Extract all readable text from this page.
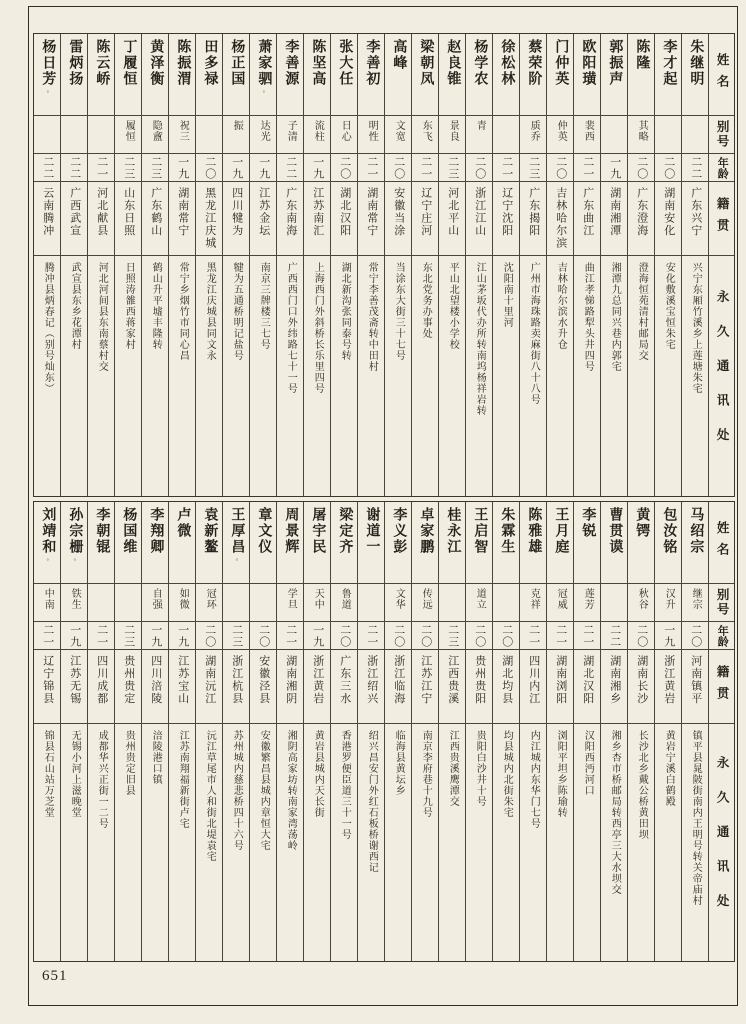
姓名
别号
年龄
籍贯
永久通讯处
朱继明
二二
广东兴宁
兴宁东厢竹溪乡上莲塘朱宅
李才起
二〇
湖南安化
安化敷溪宝恒朱宅
陈隆
其略
二〇
广东澄海
澄海恒苑清村邮局交
郭振声
一九
湖南湘潭
湘潭九总同兴巷内郭宅
欧阳璜
裴西
二一
广东曲江
曲江孝悌路犁头井四号
门仲英
仲英
二〇
吉林哈尔滨
吉林哈尔滨水升仓
蔡荣阶
质乔
二三
广东揭阳
广州市海珠路卖麻街八十八号
徐松林
二一
辽宁沈阳
沈阳南十里河
杨学农
青
二〇
浙江江山
江山茅坂代办所转南坞杨祥岩转
赵良锥
景良
二三
河北平山
平山北望楼小学校
梁朝凤
东飞
二一
辽宁庄河
东北党务办事处
高峰
文宽
二〇
安徽当涂
当涂东大街三十七号
李善初
明性
二一
湖南常宁
常宁李善茂斋转中田村
张大任
日心
二〇
湖北汉阳
湖北新沟张同泰号转
陈坚高
流柱
一九
江苏南汇
上海西门外斜桥长乐里四号
李善源
子清
二二
广东南海
广西西门口外纬路七十一号
萧家驷◦
达光
一九
江苏金坛
南京三牌楼三七号
杨正国
振
一九
四川犍为
犍为五通桥明记盐号
田多禄
二〇
黑龙江庆城
黑龙江庆城县同文永
陈振渭
祝三
一九
湖南常宁
常宁乡烟竹市同心昌
黄泽衡
隐盦
二三
广东鹤山
鹤山升平墟丰隆转
丁履恒
履恒
二三
山东日照
日照涛雒西蒋家村
陈云峤
二一
河北献县
河北河间县东南蔡村交
雷炳扬
二二
广西武宣
武宣县东乡花潭村
杨日芳◦
二二
云南腾冲
腾冲县炳春记（别号灿东）
姓名
别号
年龄
籍贯
永久通讯处
马绍宗
继宗
二〇
河南镇平
镇平县晁陂街南内王明号转关帝庙村
包汝铭
汉升
一九
浙江黄岩
黄岩宁溪白鹤殿
黄锷
秋谷
二〇
湖南长沙
长沙北乡戴公桥黄田坝
曹贯谟
二二
湖南湘乡
湘乡杏市桥邮局转西亭三大水坝交
李锐
莲芳
二一
湖北汉阳
汉阳西沔河口
王月庭
冠威
二一
湖南浏阳
浏阳平坦乡陈瑜转
陈雅雄
克祥
二一
四川内江
内江城内东华门七号
朱霖生
二〇
湖北均县
均县城内北街朱宅
王启智
道立
二〇
贵州贵阳
贵阳白沙井十号
桂永江
二三
江西贵溪
江西贵溪鹰潭交
卓家鹏
传远
二〇
江苏江宁
南京李府巷十九号
李义彭
文华
二〇
浙江临海
临海县黄坛乡
谢道一
二一
浙江绍兴
绍兴昌安门外红石板桥谢西记
梁定齐
鲁道
二〇
广东三水
香港罗便臣道三十一号
屠宇民
天中
一九
浙江黄岩
黄岩县城内天长街
周景辉
学旦
二一
湖南湘阴
湘阴高家坊转南家湾荡岭
章文仪
二〇
安徽泾县
安徽繁昌县城内章恒大宅
王厚昌◦
二三
浙江杭县
苏州城内慈悲桥四十六号
袁新鳌
冠环
二〇
湖南沅江
沅江草尾市人和街北堤袁宅
卢微
如微
一九
江苏宝山
江苏南翔福新街卢宅
李翔卿
自强
一九
四川涪陵
涪陵港口镇
杨国维
二三
贵州贵定
贵州贵定旧县
李朝锟
二一
四川成都
成都华兴正街一二号
孙宗栅◦
铁生
一九
江苏无锡
无锡小河上滋晚堂
刘靖和◦
中南
二一
辽宁锦县
锦县石山站万芝堂
651
